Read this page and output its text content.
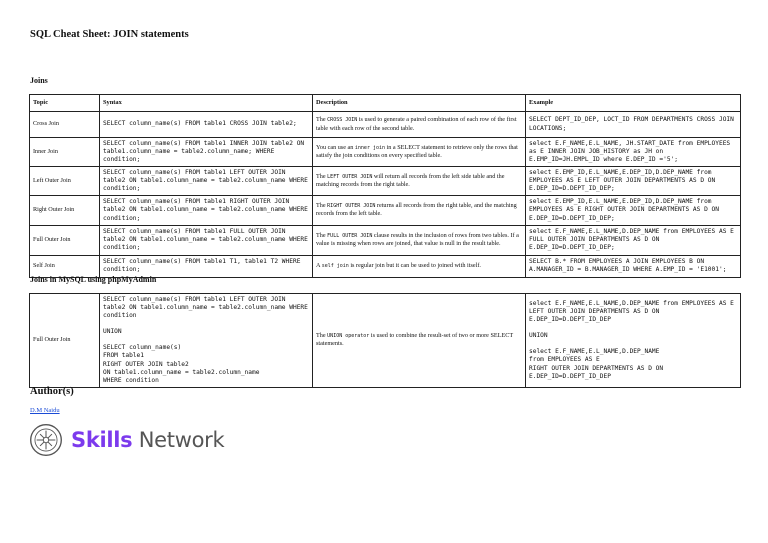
SQL Cheat Sheet: JOIN statements
Joins
Topic	Syntax	Description	Example
Cross Join	SELECT column_name(s) FROM table1 CROSS JOIN table2;	The CROSS JOIN is used to generate a paired combination of each row of the first table with each row of the second table.	SELECT DEPT_ID_DEP, LOCT_ID FROM DEPARTMENTS CROSS JOIN LOCATIONS;
Inner Join	SELECT column_name(s) FROM table1 INNER JOIN table2 ON table1.column_name = table2.column_name; WHERE condition;	You can use an inner join in a SELECT statement to retrieve only the rows that satisfy the join conditions on every specified table.	select E.F_NAME,E.L_NAME, JH.START_DATE from EMPLOYEES as E INNER JOIN JOB_HISTORY as JH on E.EMP_ID=JH.EMPL_ID where E.DEP_ID ='5';
Left Outer Join	SELECT column_name(s) FROM table1 LEFT OUTER JOIN table2 ON table1.column_name = table2.column_name WHERE condition;	The LEFT OUTER JOIN will return all records from the left side table and the matching records from the right table.	select E.EMP_ID,E.L_NAME,E.DEP_ID,D.DEP_NAME from EMPLOYEES AS E LEFT OUTER JOIN DEPARTMENTS AS D ON E.DEP_ID=D.DEPT_ID_DEP;
Right Outer Join	SELECT column_name(s) FROM table1 RIGHT OUTER JOIN table2 ON table1.column_name = table2.column_name WHERE condition;	The RIGHT OUTER JOIN returns all records from the right table, and the matching records from the left table.	select E.EMP_ID,E.L_NAME,E.DEP_ID,D.DEP_NAME from EMPLOYEES AS E RIGHT OUTER JOIN DEPARTMENTS AS D ON E.DEP_ID=D.DEPT_ID_DEP;
Full Outer Join	SELECT column_name(s) FROM table1 FULL OUTER JOIN table2 ON table1.column_name = table2.column_name WHERE condition;	The FULL OUTER JOIN clause results in the inclusion of rows from two tables. If a value is missing when rows are joined, that value is null in the result table.	select E.F_NAME,E.L_NAME,D.DEP_NAME from EMPLOYEES AS E FULL OUTER JOIN DEPARTMENTS AS D ON E.DEP_ID=D.DEPT_ID_DEP;
Self Join	SELECT column_name(s) FROM table1 T1, table1 T2 WHERE condition;	A self join is regular join but it can be used to joined with itself.	SELECT B.* FROM EMPLOYEES A JOIN EMPLOYEES B ON A.MANAGER_ID = B.MANAGER_ID WHERE A.EMP_ID = 'E1001';
Joins in MySQL using phpMyAdmin
Full Outer Join	SELECT column_name(s) FROM table1 LEFT OUTER JOIN table2 ON table1.column_name = table2.column_name WHERE condition

UNION

SELECT column_name(s)
FROM table1
RIGHT OUTER JOIN table2
ON table1.column_name = table2.column_name
WHERE condition	The UNION operator is used to combine the result-set of two or more SELECT statements.	select E.F_NAME,E.L_NAME,D.DEP_NAME from EMPLOYEES AS E LEFT OUTER JOIN DEPARTMENTS AS D ON E.DEP_ID=D.DEPT_ID_DEP

UNION

select E.F_NAME,E.L_NAME,D.DEP_NAME
from EMPLOYEES AS E
RIGHT OUTER JOIN DEPARTMENTS AS D ON E.DEP_ID=D.DEPT_ID_DEP
Author(s)
D.M Naidu
Skills Network
